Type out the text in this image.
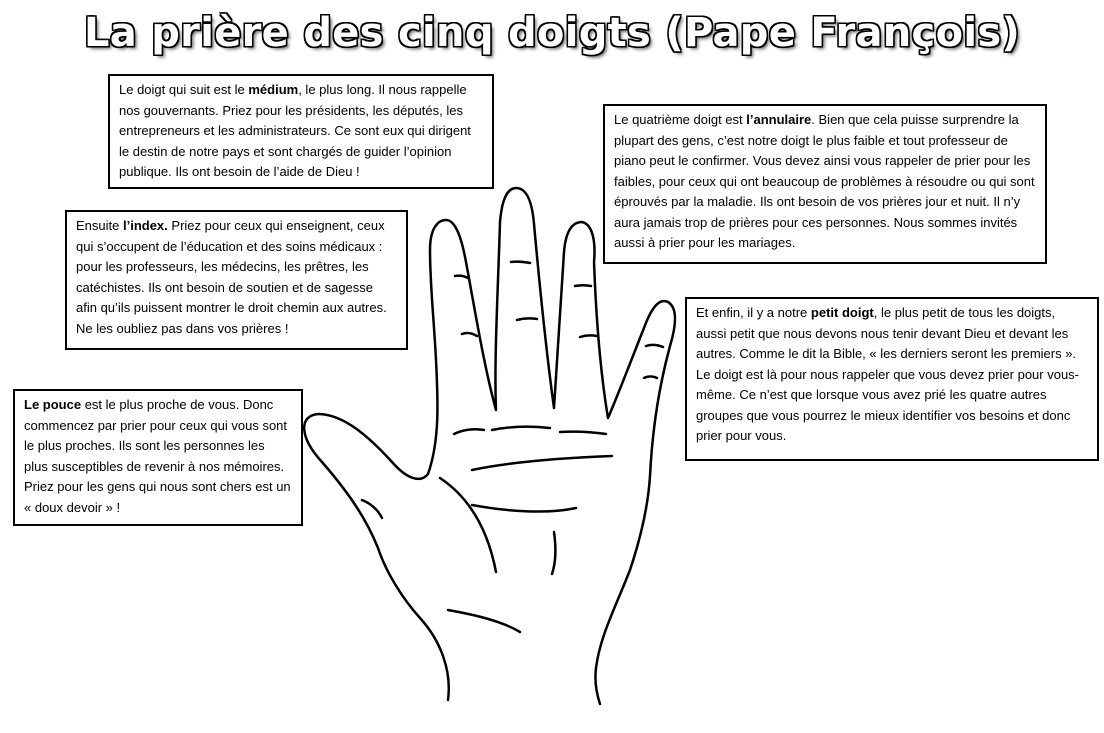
La prière des cinq doigts (Pape François)
Le doigt qui suit est le médium, le plus long. Il nous rappelle nos gouvernants. Priez pour les présidents, les députés, les entrepreneurs et les administrateurs. Ce sont eux qui dirigent le destin de notre pays et sont chargés de guider l’opinion publique. Ils ont besoin de l’aide de Dieu !
Ensuite l’index. Priez pour ceux qui enseignent, ceux qui s’occupent de l’éducation et des soins médicaux : pour les professeurs, les médecins, les prêtres, les catéchistes. Ils ont besoin de soutien et de sagesse afin qu’ils puissent montrer le droit chemin aux autres. Ne les oubliez pas dans vos prières !
Le pouce est le plus proche de vous. Donc commencez par prier pour ceux qui vous sont le plus proches. Ils sont les personnes les plus susceptibles de revenir à nos mémoires. Priez pour les gens qui nous sont chers est un « doux devoir » !
Le quatrième doigt est l’annulaire. Bien que cela puisse surprendre la plupart des gens, c’est notre doigt le plus faible et tout professeur de piano peut le confirmer. Vous devez ainsi vous rappeler de prier pour les faibles, pour ceux qui ont beaucoup de problèmes à résoudre ou qui sont éprouvés par la maladie. Ils ont besoin de vos prières jour et nuit. Il n’y aura jamais trop de prières pour ces personnes. Nous sommes invités aussi à prier pour les mariages.
Et enfin, il y a notre petit doigt, le plus petit de tous les doigts, aussi petit que nous devons nous tenir devant Dieu et devant les autres. Comme le dit la Bible, « les derniers seront les premiers ». Le doigt est là pour nous rappeler que vous devez prier pour vous-même. Ce n’est que lorsque vous avez prié les quatre autres groupes que vous pourrez le mieux identifier vos besoins et donc prier pour vous.
